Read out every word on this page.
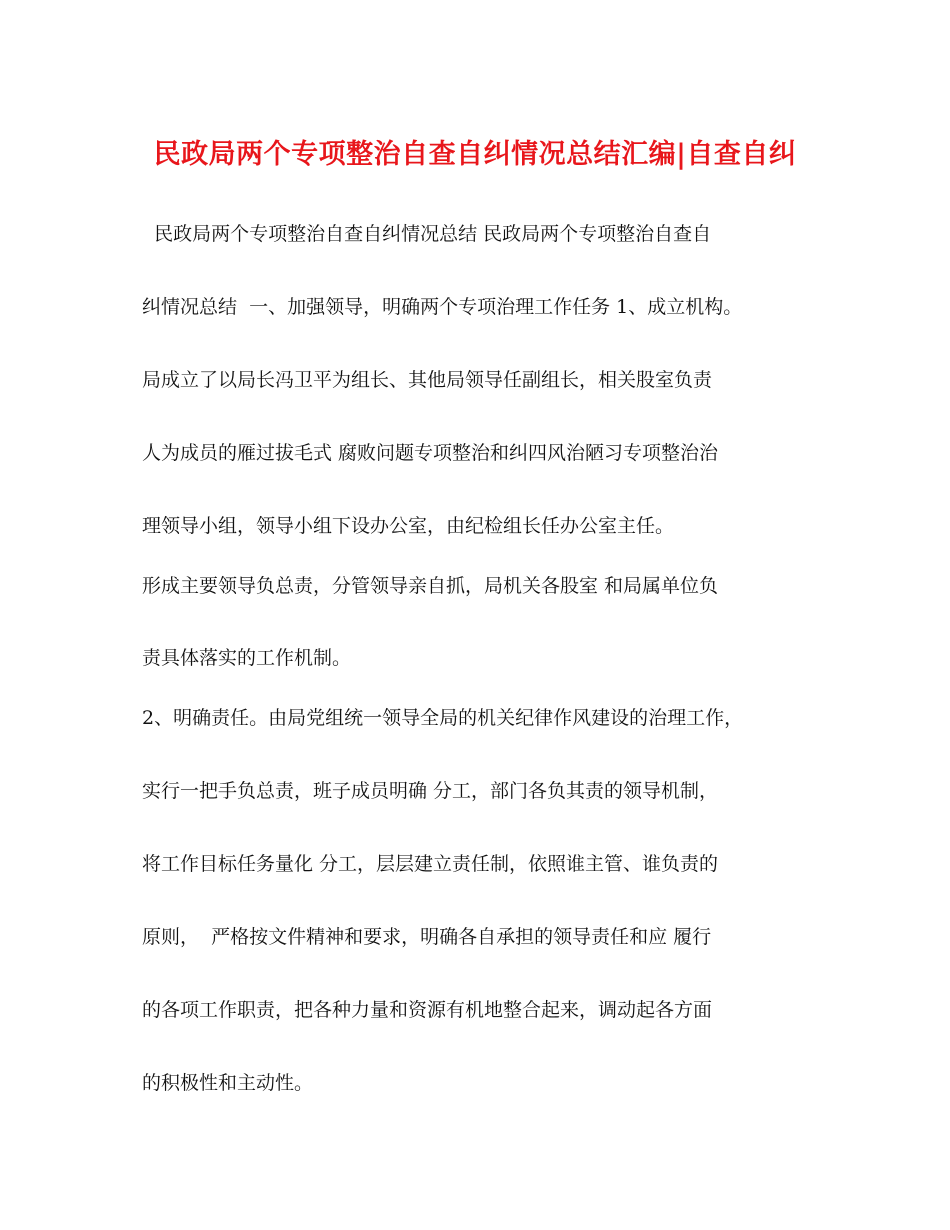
民政局两个专项整治自查自纠情况总结汇编|自查自纠
民政局两个专项整治自查自纠情况总结 民政局两个专项整治自查自
纠情况总结  一、加强领导，明确两个专项治理工作任务 1、成立机构。
局成立了以局长冯卫平为组长、其他局领导任副组长，相关股室负责
人为成员的雁过拔毛式 腐败问题专项整治和纠四风治陋习专项整治治
理领导小组，领导小组下设办公室，由纪检组长任办公室主任。
形成主要领导负总责，分管领导亲自抓，局机关各股室 和局属单位负
责具体落实的工作机制。
2、明确责任。由局党组统一领导全局的机关纪律作风建设的治理工作，
实行一把手负总责，班子成员明确 分工，部门各负其责的领导机制，
将工作目标任务量化 分工，层层建立责任制，依照谁主管、谁负责的
原则，  严格按文件精神和要求，明确各自承担的领导责任和应 履行
的各项工作职责，把各种力量和资源有机地整合起来，调动起各方面
的积极性和主动性。
